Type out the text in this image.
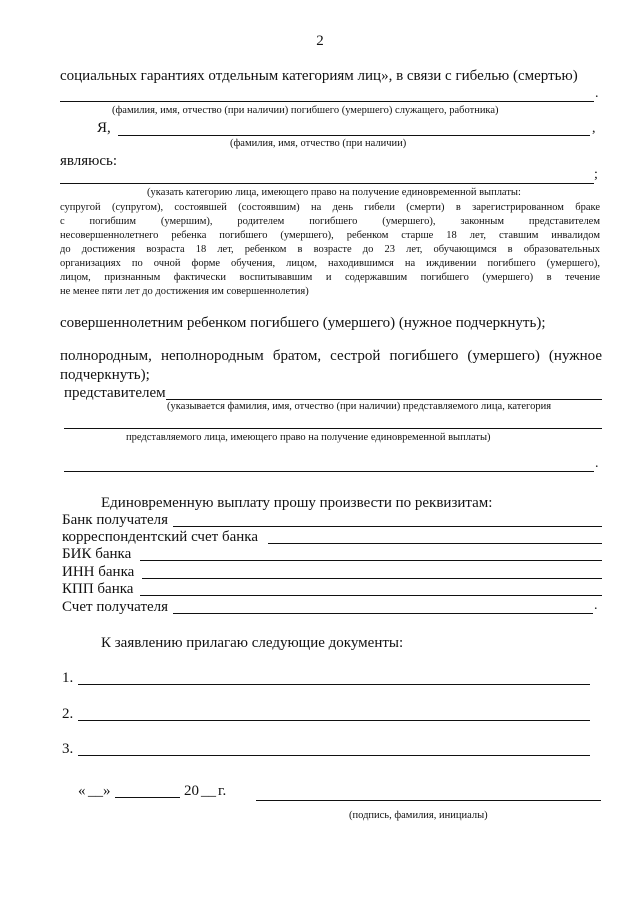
2
социальных гарантиях отдельным категориям лиц», в связи с гибелью (смертью)
.
(фамилия, имя, отчество (при наличии) погибшего (умершего) служащего, работника)
Я,	,
(фамилия, имя, отчество (при наличии)
являюсь:
;
(указать категорию лица, имеющего право на получение единовременной выплаты:
супругой (супругом), состоявшей (состоявшим) на день гибели (смерти) в зарегистрированном браке
с погибшим (умершим), родителем погибшего (умершего), законным представителем
несовершеннолетнего ребенка погибшего (умершего), ребенком старше 18 лет, ставшим инвалидом
до достижения возраста 18 лет, ребенком в возрасте до 23 лет, обучающимся в образовательных
организациях по очной форме обучения, лицом, находившимся на иждивении погибшего (умершего),
лицом, признанным фактически воспитывавшим и содержавшим погибшего (умершего) в течение
не менее пяти лет до достижения им совершеннолетия)
совершеннолетним ребенком погибшего (умершего) (нужное подчеркнуть);
полнородным, неполнородным братом, сестрой погибшего (умершего) (нужное
подчеркнуть);
представителем
(указывается фамилия, имя, отчество (при наличии) представляемого лица, категория
представляемого лица, имеющего право на получение единовременной выплаты)
.
Единовременную выплату прошу произвести по реквизитам:
Банк получателя
корреспондентский счет банка
БИК банка
ИНН банка
КПП банка
Счет получателя	.
К заявлению прилагаю следующие документы:
1.
2.
3.
« __ »	20 __ г.
(подпись, фамилия, инициалы)
